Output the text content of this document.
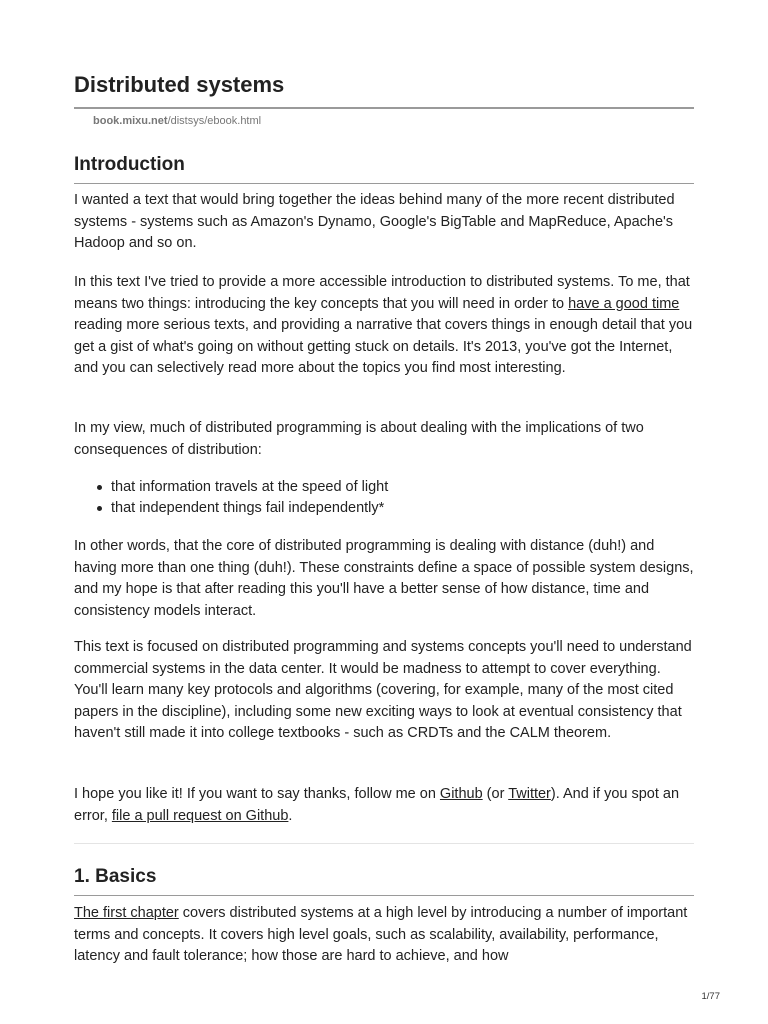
Distributed systems
book.mixu.net/distsys/ebook.html
Introduction

I wanted a text that would bring together the ideas behind many of the more recent distributed systems - systems such as Amazon's Dynamo, Google's BigTable and MapReduce, Apache's Hadoop and so on.

In this text I've tried to provide a more accessible introduction to distributed systems. To me, that means two things: introducing the key concepts that you will need in order to have a good time reading more serious texts, and providing a narrative that covers things in enough detail that you get a gist of what's going on without getting stuck on details. It's 2013, you've got the Internet, and you can selectively read more about the topics you find most interesting.

In my view, much of distributed programming is about dealing with the implications of two consequences of distribution:

that information travels at the speed of light
that independent things fail independently*

In other words, that the core of distributed programming is dealing with distance (duh!) and having more than one thing (duh!). These constraints define a space of possible system designs, and my hope is that after reading this you'll have a better sense of how distance, time and consistency models interact.

This text is focused on distributed programming and systems concepts you'll need to understand commercial systems in the data center. It would be madness to attempt to cover everything. You'll learn many key protocols and algorithms (covering, for example, many of the most cited papers in the discipline), including some new exciting ways to look at eventual consistency that haven't still made it into college textbooks - such as CRDTs and the CALM theorem.

I hope you like it! If you want to say thanks, follow me on Github (or Twitter). And if you spot an error, file a pull request on Github.

1. Basics

The first chapter covers distributed systems at a high level by introducing a number of important terms and concepts. It covers high level goals, such as scalability, availability, performance, latency and fault tolerance; how those are hard to achieve, and how

1/77
